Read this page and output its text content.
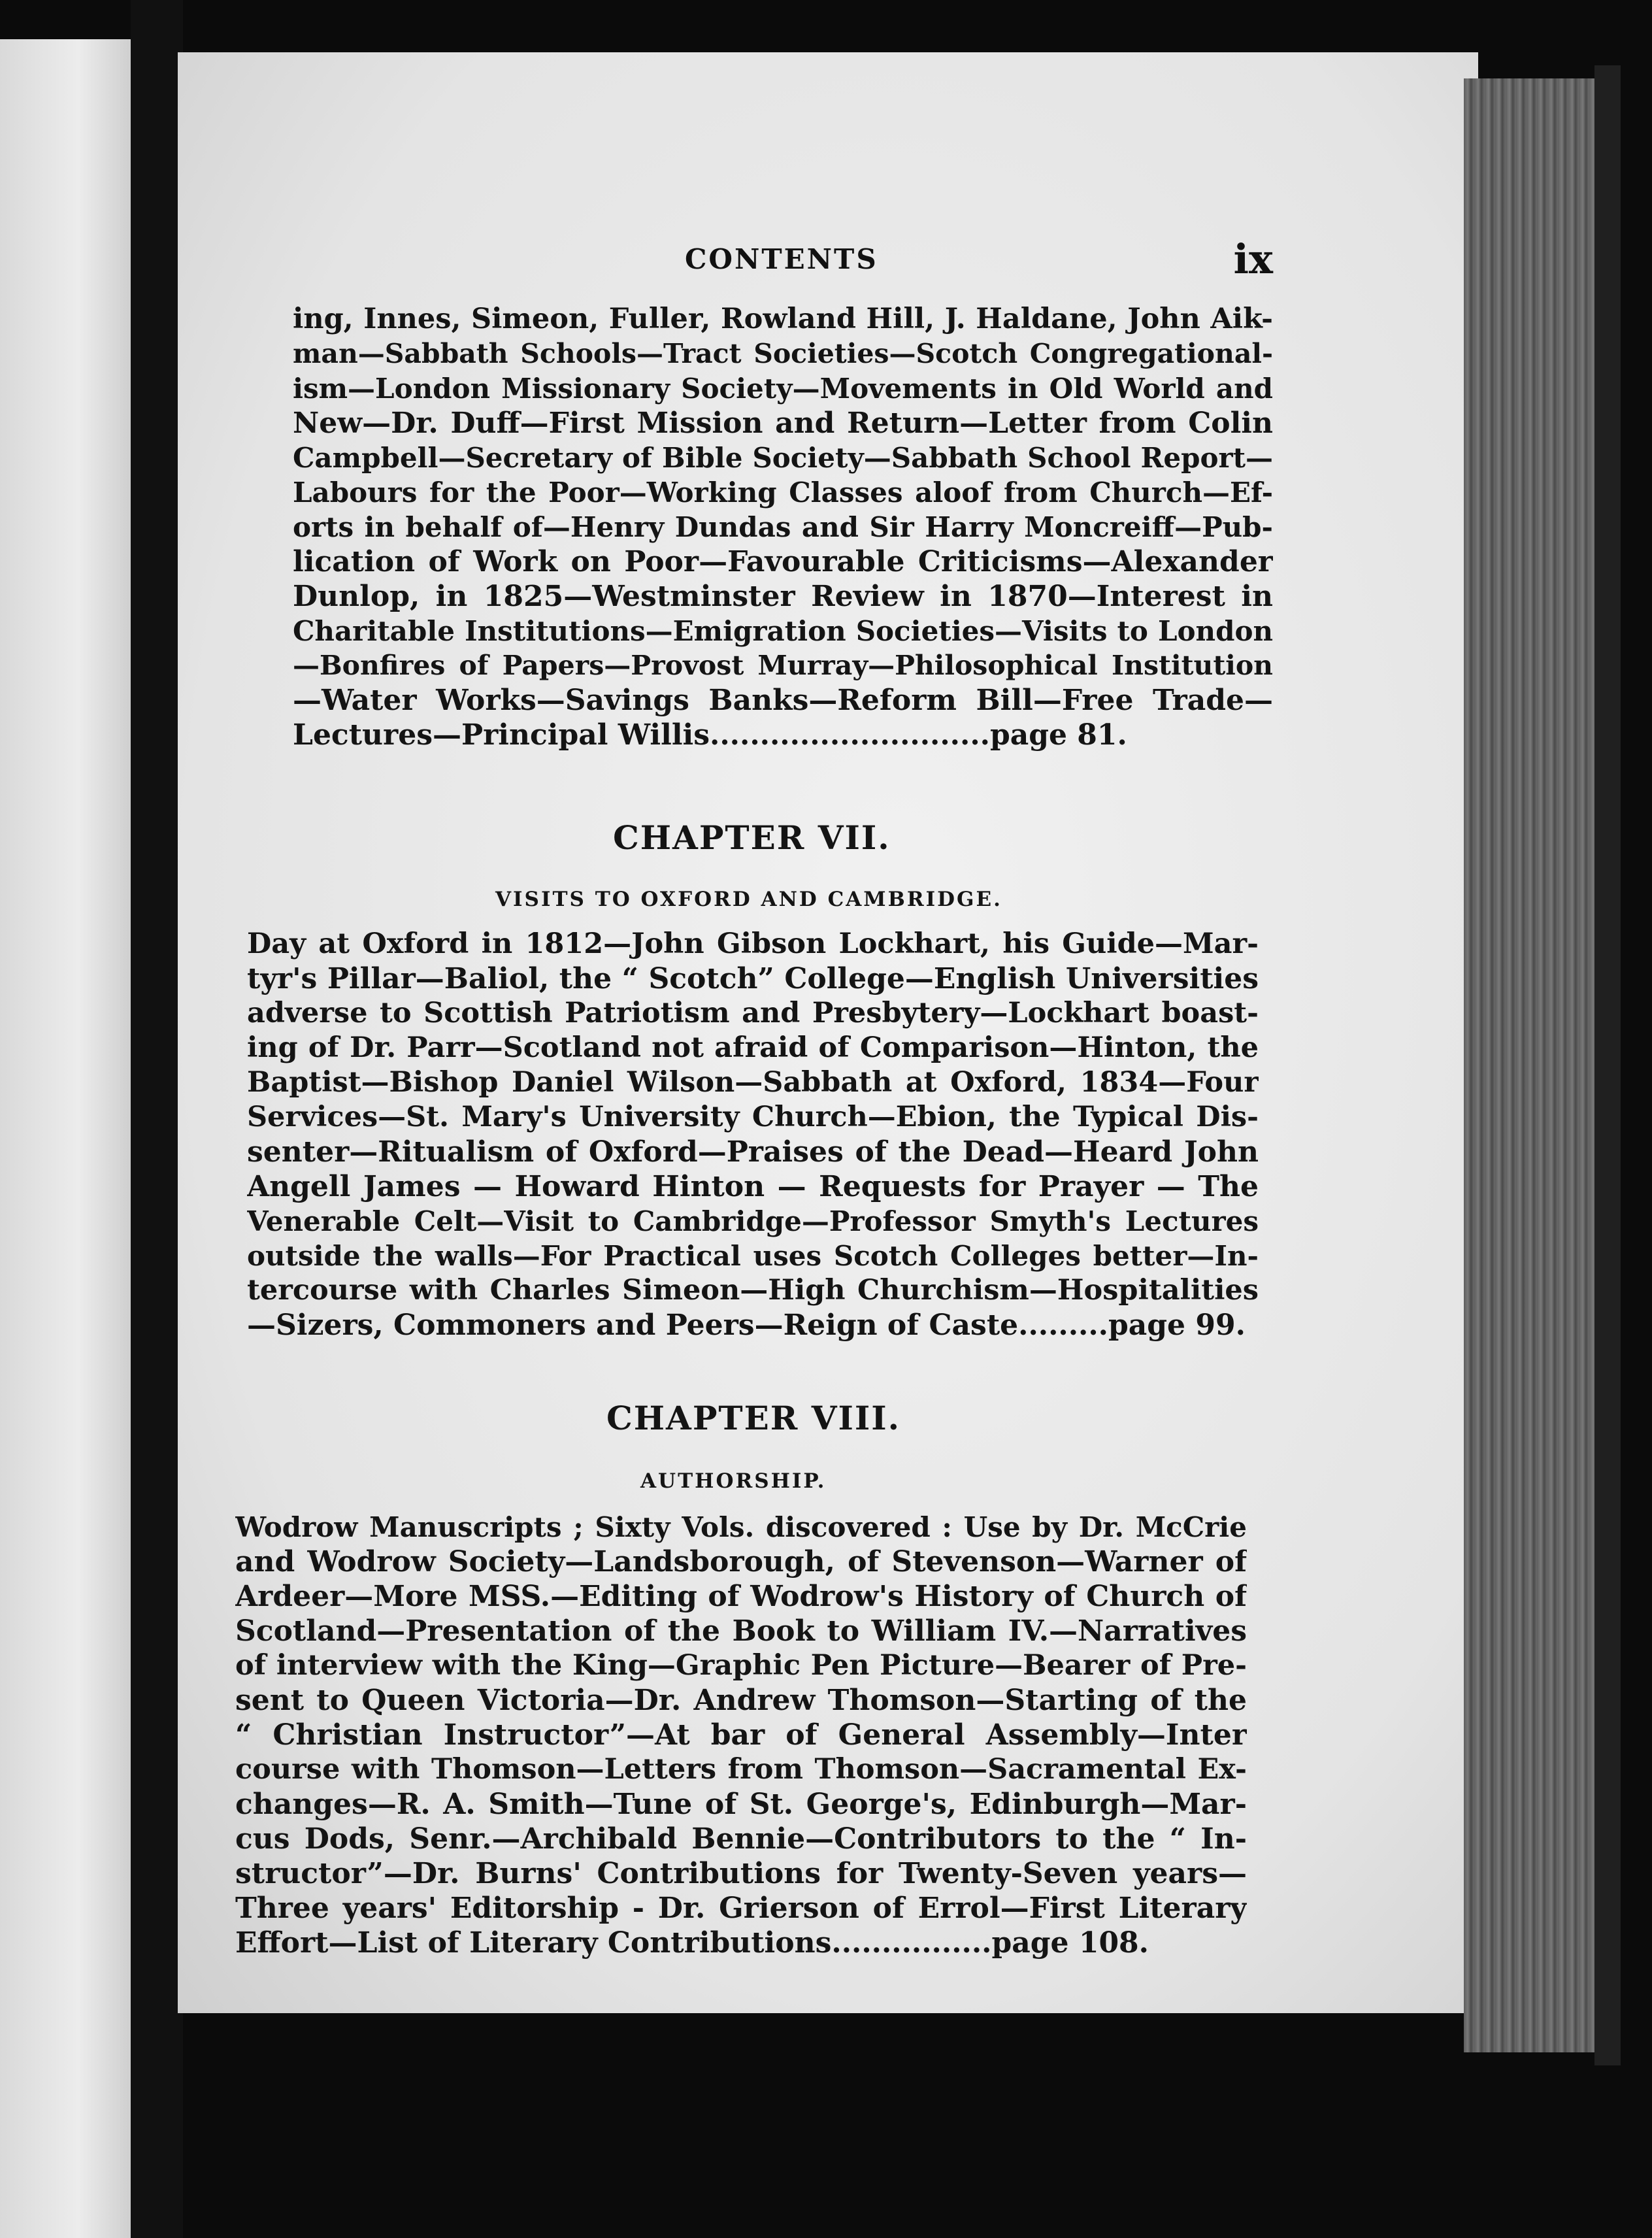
CONTENTS	ix
ing, Innes, Simeon, Fuller, Rowland Hill, J. Haldane, John Aik-
man—Sabbath Schools—Tract Societies—Scotch Congregational-
ism—London Missionary Society—Movements in Old World and
New—Dr. Duff—First Mission and Return—Letter from Colin
Campbell—Secretary of Bible Society—Sabbath School Report—
Labours for the Poor—Working Classes aloof from Church—Ef-
orts in behalf of—Henry Dundas and Sir Harry Moncreiff—Pub-
lication of Work on Poor—Favourable Criticisms—Alexander
Dunlop, in 1825—Westminster Review in 1870—Interest in
Charitable Institutions—Emigration Societies—Visits to London
—Bonfires of Papers—Provost Murray—Philosophical Institution
—Water Works—Savings Banks—Reform Bill—Free Trade—
Lectures—Principal Willis............................page 81.
CHAPTER VII.
VISITS TO OXFORD AND CAMBRIDGE.
Day at Oxford in 1812—John Gibson Lockhart, his Guide—Mar-
tyr's Pillar—Baliol, the “ Scotch” College—English Universities
adverse to Scottish Patriotism and Presbytery—Lockhart boast-
ing of Dr. Parr—Scotland not afraid of Comparison—Hinton, the
Baptist—Bishop Daniel Wilson—Sabbath at Oxford, 1834—Four
Services—St. Mary's University Church—Ebion, the Typical Dis-
senter—Ritualism of Oxford—Praises of the Dead—Heard John
Angell James — Howard Hinton — Requests for Prayer — The
Venerable Celt—Visit to Cambridge—Professor Smyth's Lectures
outside the walls—For Practical uses Scotch Colleges better—In-
tercourse with Charles Simeon—High Churchism—Hospitalities
—Sizers, Commoners and Peers—Reign of Caste.........page 99.
CHAPTER VIII.
AUTHORSHIP.
Wodrow Manuscripts ; Sixty Vols. discovered : Use by Dr. McCrie
and Wodrow Society—Landsborough, of Stevenson—Warner of
Ardeer—More MSS.—Editing of Wodrow's History of Church of
Scotland—Presentation of the Book to William IV.—Narratives
of interview with the King—Graphic Pen Picture—Bearer of Pre-
sent to Queen Victoria—Dr. Andrew Thomson—Starting of the
“ Christian Instructor”—At bar of General Assembly—Inter
course with Thomson—Letters from Thomson—Sacramental Ex-
changes—R. A. Smith—Tune of St. George's, Edinburgh—Mar-
cus Dods, Senr.—Archibald Bennie—Contributors to the “ In-
structor”—Dr. Burns' Contributions for Twenty-Seven years—
Three years' Editorship - Dr. Grierson of Errol—First Literary
Effort—List of Literary Contributions................page 108.
